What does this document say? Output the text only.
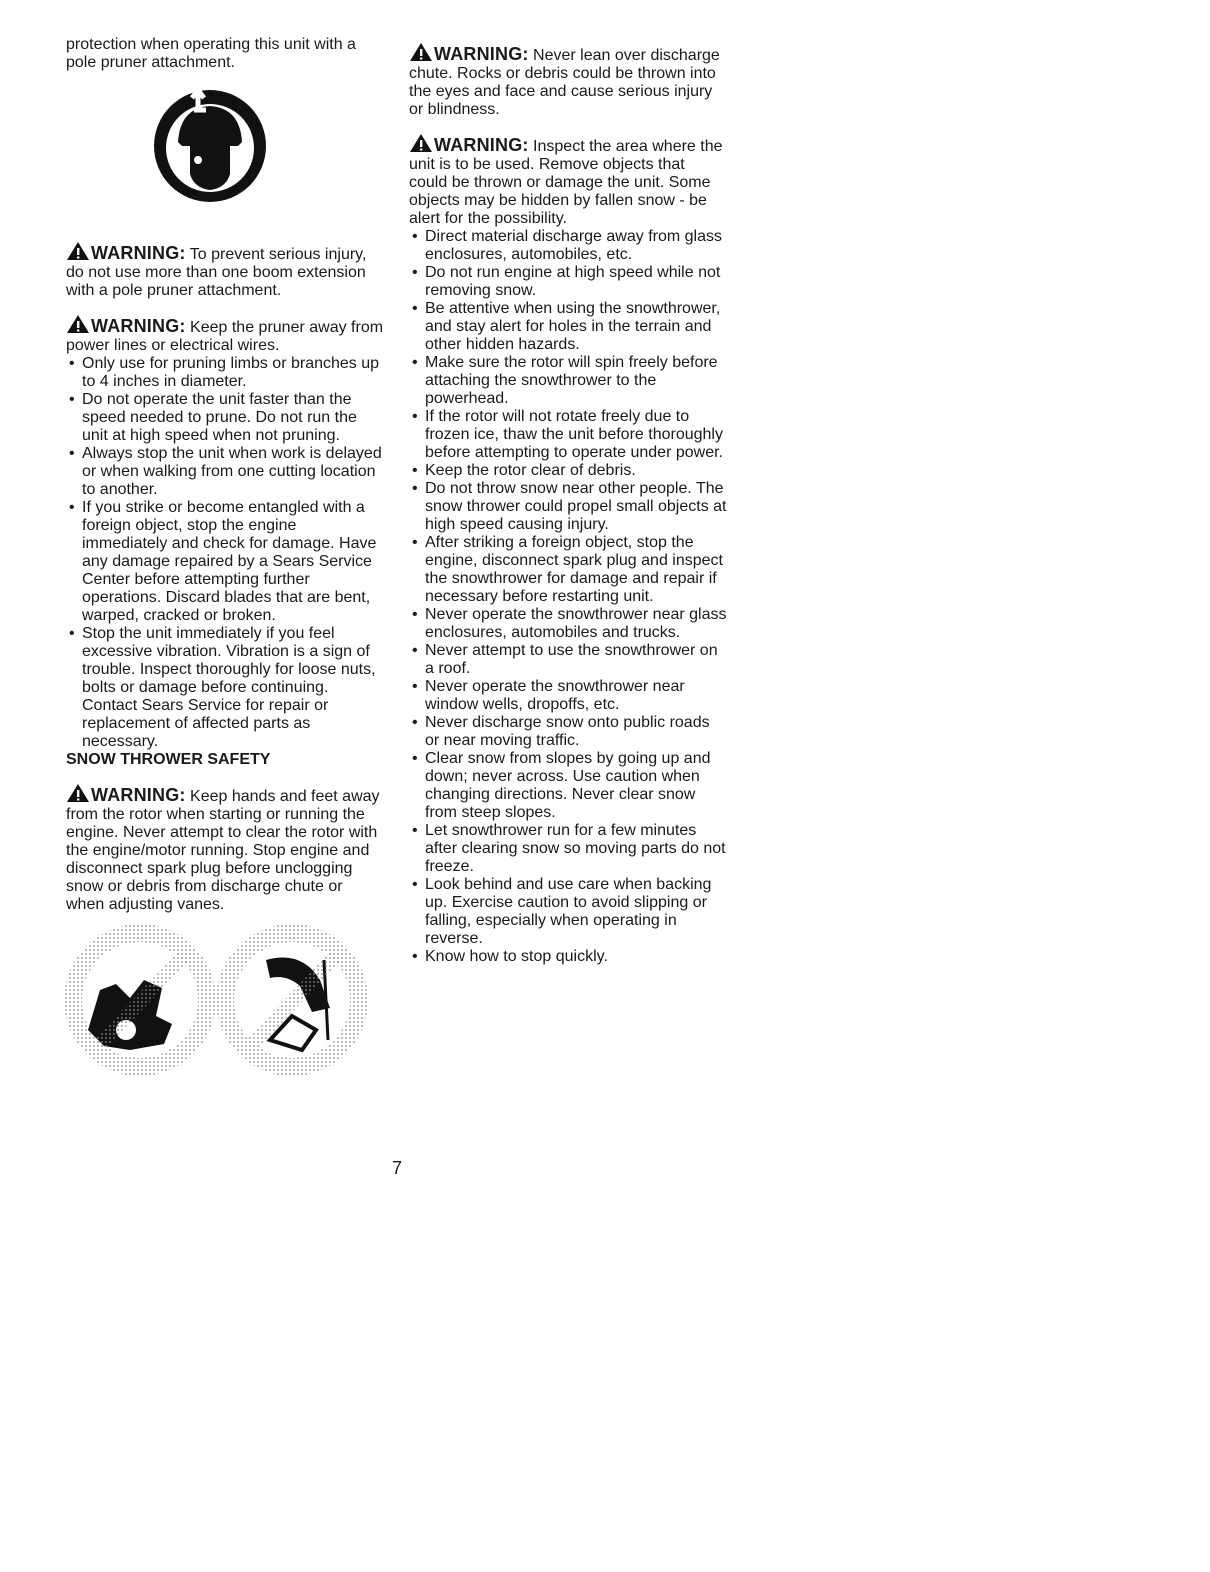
protection when operating this unit with a pole pruner attachment.

WARNING: To prevent serious injury, do not use more than one boom extension with a pole pruner attachment.

WARNING: Keep the pruner away from power lines or electrical wires.

• Only use for pruning limbs or branches up to 4 inches in diameter.
• Do not operate the unit faster than the speed needed to prune. Do not run the unit at high speed when not pruning.
• Always stop the unit when work is delayed or when walking from one cutting location to another.
• If you strike or become entangled with a foreign object, stop the engine immediately and check for damage. Have any damage repaired by a Sears Service Center before attempting further operations. Discard blades that are bent, warped, cracked or broken.
• Stop the unit immediately if you feel excessive vibration. Vibration is a sign of trouble. Inspect thoroughly for loose nuts, bolts or damage before continuing. Contact Sears Service for repair or replacement of affected parts as necessary.

SNOW THROWER SAFETY

WARNING: Keep hands and feet away from the rotor when starting or running the engine. Never attempt to clear the rotor with the engine/motor running. Stop engine and disconnect spark plug before unclogging snow or debris from discharge chute or when adjusting vanes.

WARNING: Never lean over discharge chute. Rocks or debris could be thrown into the eyes and face and cause serious injury or blindness.

WARNING: Inspect the area where the unit is to be used. Remove objects that could be thrown or damage the unit. Some objects may be hidden by fallen snow - be alert for the possibility.

• Direct material discharge away from glass enclosures, automobiles, etc.
• Do not run engine at high speed while not removing snow.
• Be attentive when using the snowthrower, and stay alert for holes in the terrain and other hidden hazards.
• Make sure the rotor will spin freely before attaching the snowthrower to the powerhead.
• If the rotor will not rotate freely due to frozen ice, thaw the unit before thoroughly before attempting to operate under power.
• Keep the rotor clear of debris.
• Do not throw snow near other people. The snow thrower could propel small objects at high speed causing injury.
• After striking a foreign object, stop the engine, disconnect spark plug and inspect the snowthrower for damage and repair if necessary before restarting unit.
• Never operate the snowthrower near glass enclosures, automobiles and trucks.
• Never attempt to use the snowthrower on a roof.
• Never operate the snowthrower near window wells, dropoffs, etc.
• Never discharge snow onto public roads or near moving traffic.
• Clear snow from slopes by going up and down; never across. Use caution when changing directions. Never clear snow from steep slopes.
• Let snowthrower run for a few minutes after clearing snow so moving parts do not freeze.
• Look behind and use care when backing up. Exercise caution to avoid slipping or falling, especially when operating in reverse.
• Know how to stop quickly.
7
